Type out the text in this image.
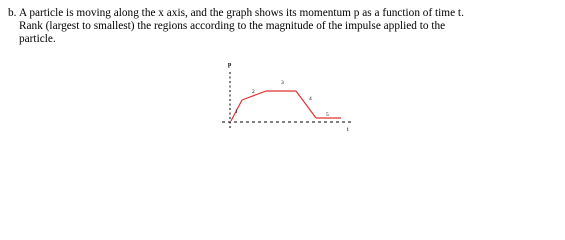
b. A particle is moving along the x axis, and the graph shows its momentum p as a function of time t.
Rank (largest to smallest) the regions according to the magnitude of the impulse applied to the
particle.
p
t
1
2
3
4
5
